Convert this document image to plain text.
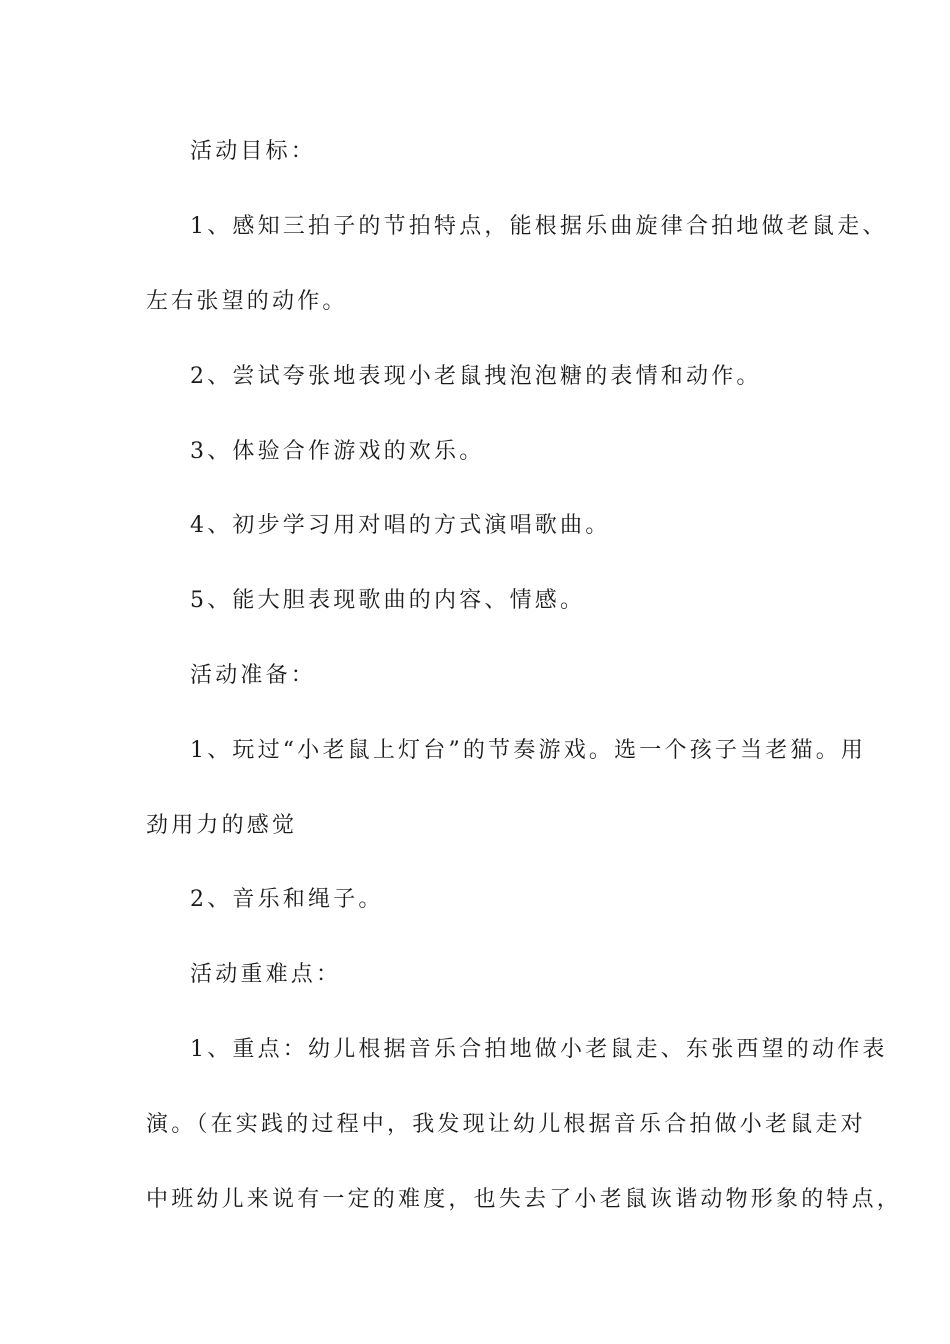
活动目标：
1、感知三拍子的节拍特点，能根据乐曲旋律合拍地做老鼠走、
左右张望的动作。
2、尝试夸张地表现小老鼠拽泡泡糖的表情和动作。
3、体验合作游戏的欢乐。
4、初步学习用对唱的方式演唱歌曲。
5、能大胆表现歌曲的内容、情感。
活动准备：
1、玩过“小老鼠上灯台”的节奏游戏。选一个孩子当老猫。用
劲用力的感觉
2、音乐和绳子。
活动重难点：
1、重点：幼儿根据音乐合拍地做小老鼠走、东张西望的动作表
演。（在实践的过程中，我发现让幼儿根据音乐合拍做小老鼠走对
中班幼儿来说有一定的难度，也失去了小老鼠诙谐动物形象的特点，
